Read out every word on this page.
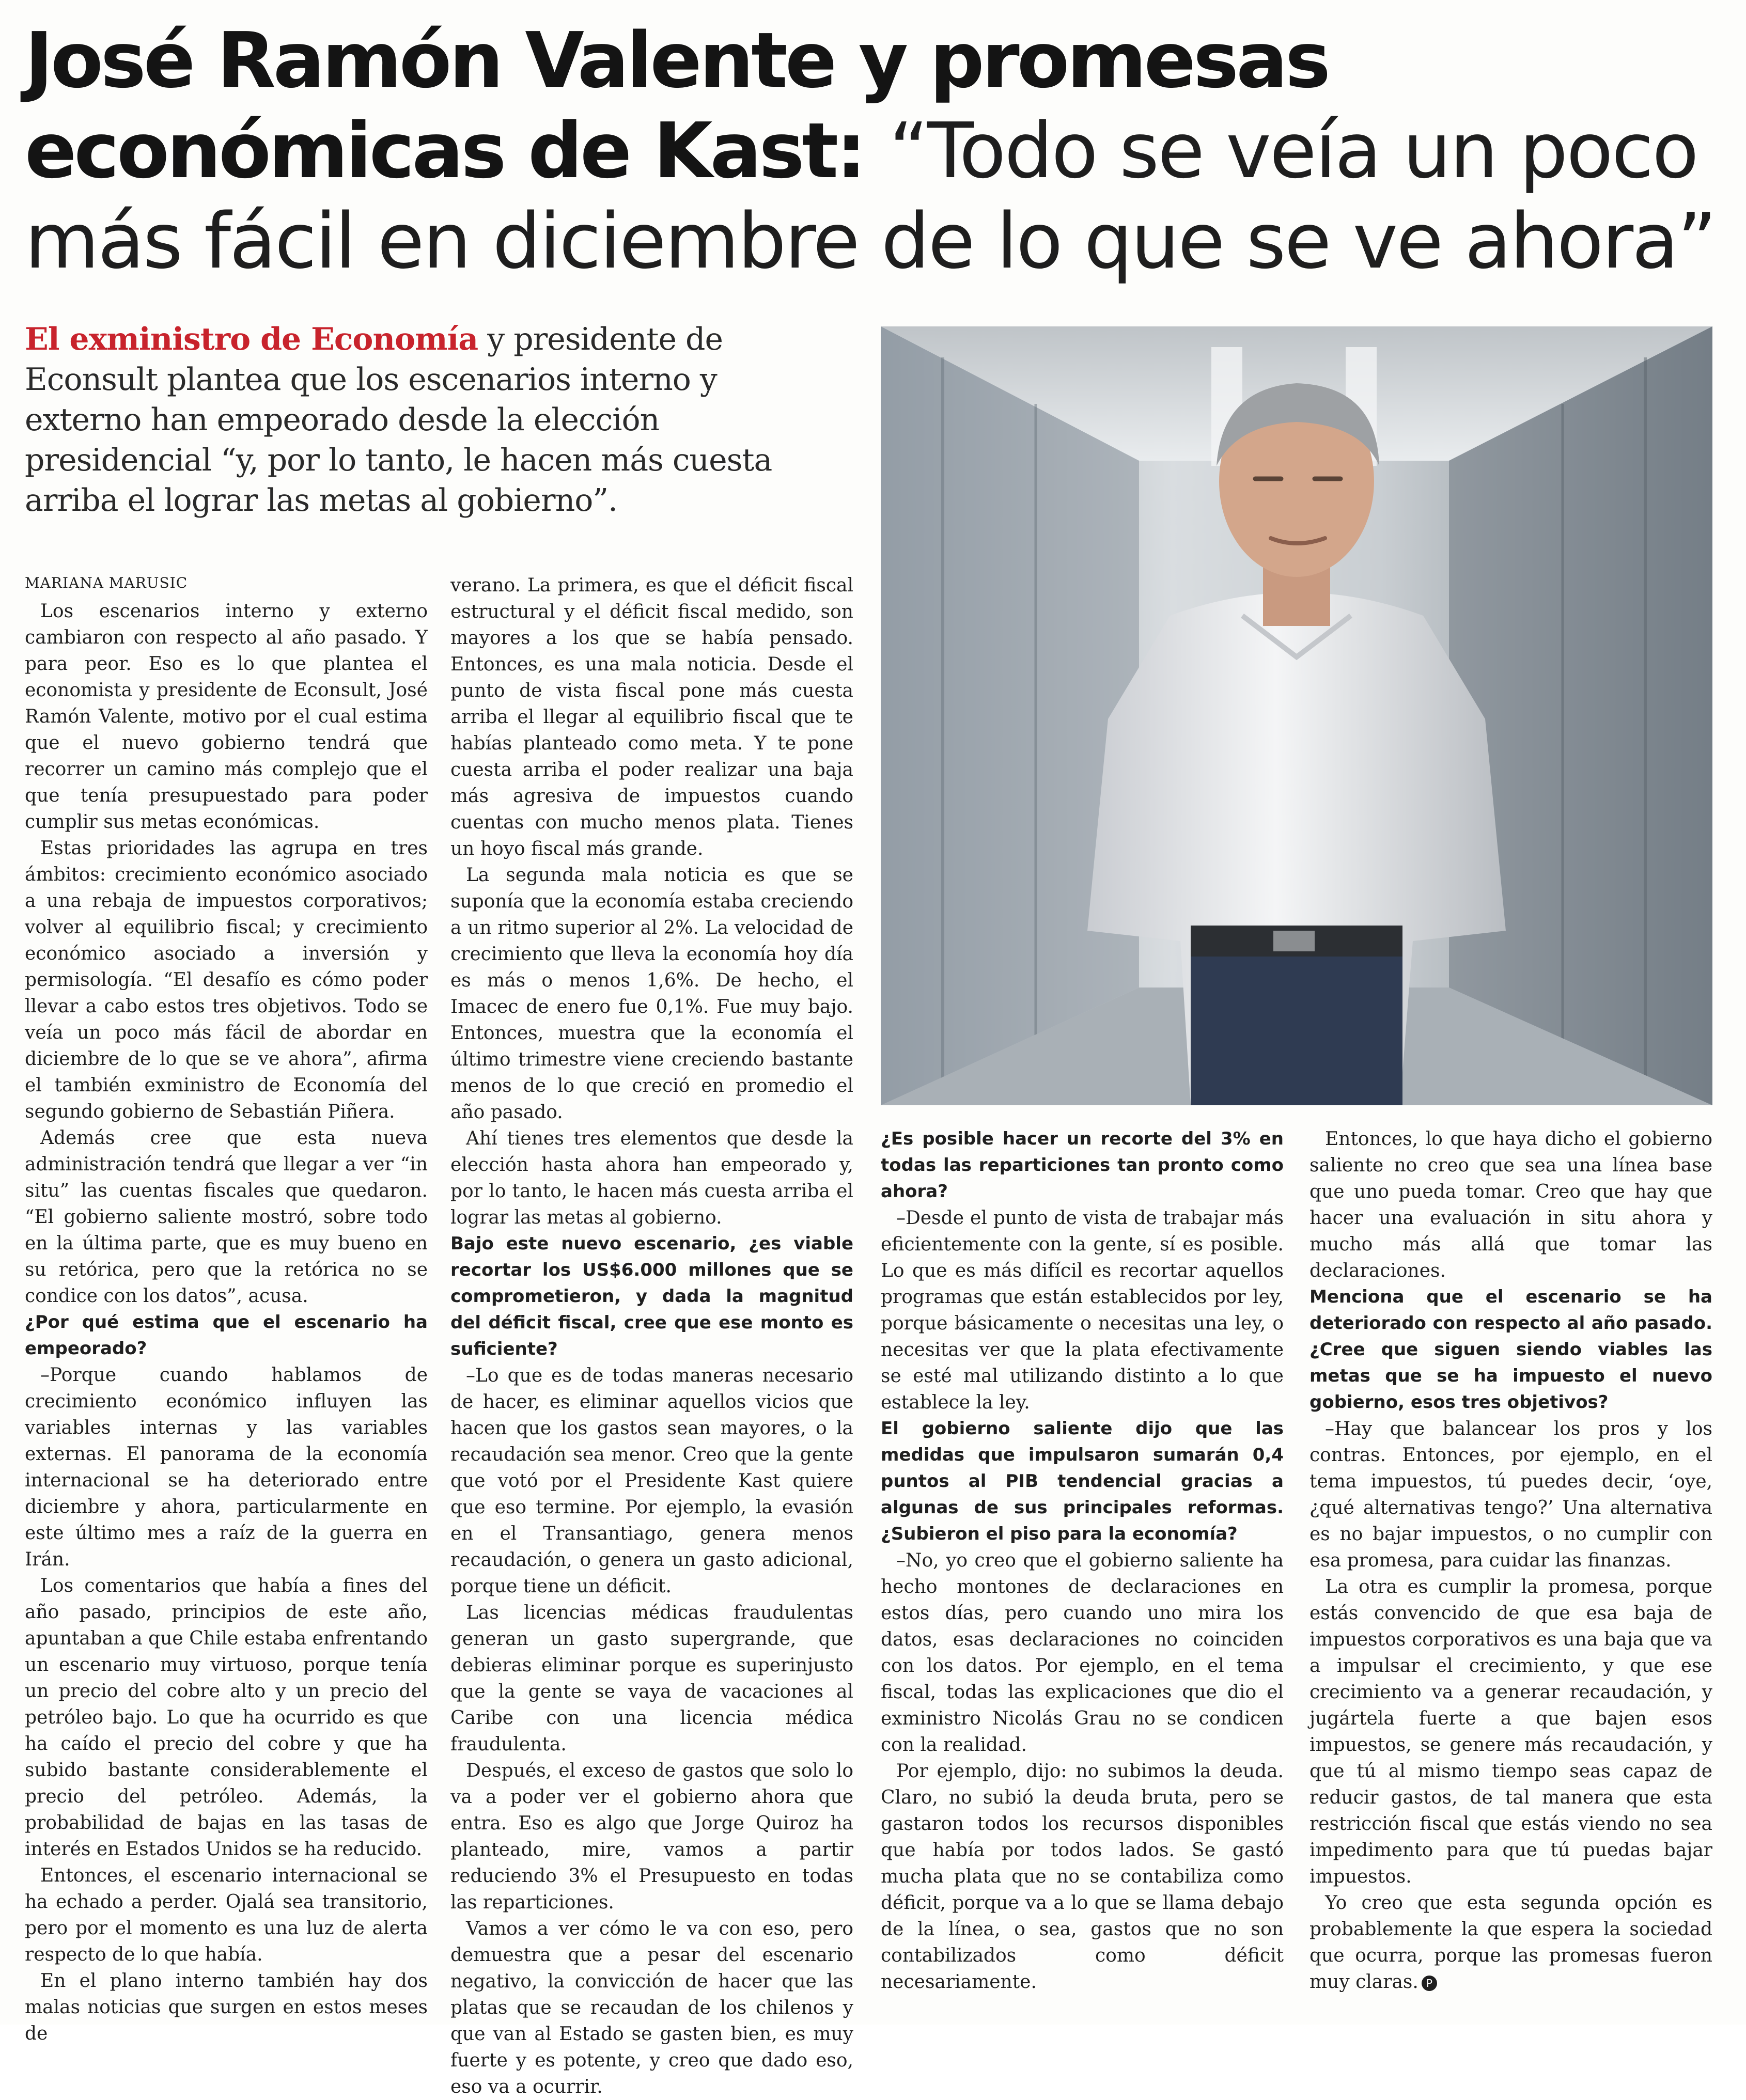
José Ramón Valente y promesas económicas de Kast: “Todo se veía un poco más fácil en diciembre de lo que se ve ahora”

El exministro de Economía y presidente de Econsult plantea que los escenarios interno y externo han empeorado desde la elección presidencial “y, por lo tanto, le hacen más cuesta arriba el lograr las metas al gobierno”.

MARIANA MARUSIC

Los escenarios interno y externo cambiaron con respecto al año pasado. Y para peor. Eso es lo que plantea el economista y presidente de Econsult, José Ramón Valente, motivo por el cual estima que el nuevo gobierno tendrá que recorrer un camino más complejo que el que tenía presupuestado para poder cumplir sus metas económicas.

Estas prioridades las agrupa en tres ámbitos: crecimiento económico asociado a una rebaja de impuestos corporativos; volver al equilibrio fiscal; y crecimiento económico asociado a inversión y permisología. “El desafío es cómo poder llevar a cabo estos tres objetivos. Todo se veía un poco más fácil de abordar en diciembre de lo que se ve ahora”, afirma el también exministro de Economía del segundo gobierno de Sebastián Piñera.

Además cree que esta nueva administración tendrá que llegar a ver “in situ” las cuentas fiscales que quedaron. “El gobierno saliente mostró, sobre todo en la última parte, que es muy bueno en su retórica, pero que la retórica no se condice con los datos”, acusa.

¿Por qué estima que el escenario ha empeorado?

–Porque cuando hablamos de crecimiento económico influyen las variables internas y las variables externas. El panorama de la economía internacional se ha deteriorado entre diciembre y ahora, particularmente en este último mes a raíz de la guerra en Irán.

Los comentarios que había a fines del año pasado, principios de este año, apuntaban a que Chile estaba enfrentando un escenario muy virtuoso, porque tenía un precio del cobre alto y un precio del petróleo bajo. Lo que ha ocurrido es que ha caído el precio del cobre y que ha subido bastante considerablemente el precio del petróleo. Además, la probabilidad de bajas en las tasas de interés en Estados Unidos se ha reducido.

Entonces, el escenario internacional se ha echado a perder. Ojalá sea transitorio, pero por el momento es una luz de alerta respecto de lo que había.

En el plano interno también hay dos malas noticias que surgen en estos meses de

verano. La primera, es que el déficit fiscal estructural y el déficit fiscal medido, son mayores a los que se había pensado. Entonces, es una mala noticia. Desde el punto de vista fiscal pone más cuesta arriba el llegar al equilibrio fiscal que te habías planteado como meta. Y te pone cuesta arriba el poder realizar una baja más agresiva de impuestos cuando cuentas con mucho menos plata. Tienes un hoyo fiscal más grande.

La segunda mala noticia es que se suponía que la economía estaba creciendo a un ritmo superior al 2%. La velocidad de crecimiento que lleva la economía hoy día es más o menos 1,6%. De hecho, el Imacec de enero fue 0,1%. Fue muy bajo. Entonces, muestra que la economía el último trimestre viene creciendo bastante menos de lo que creció en promedio el año pasado.

Ahí tienes tres elementos que desde la elección hasta ahora han empeorado y, por lo tanto, le hacen más cuesta arriba el lograr las metas al gobierno.

Bajo este nuevo escenario, ¿es viable recortar los US$6.000 millones que se comprometieron, y dada la magnitud del déficit fiscal, cree que ese monto es suficiente?

–Lo que es de todas maneras necesario de hacer, es eliminar aquellos vicios que hacen que los gastos sean mayores, o la recaudación sea menor. Creo que la gente que votó por el Presidente Kast quiere que eso termine. Por ejemplo, la evasión en el Transantiago, genera menos recaudación, o genera un gasto adicional, porque tiene un déficit.

Las licencias médicas fraudulentas generan un gasto supergrande, que debieras eliminar porque es superinjusto que la gente se vaya de vacaciones al Caribe con una licencia médica fraudulenta.

Después, el exceso de gastos que solo lo va a poder ver el gobierno ahora que entra. Eso es algo que Jorge Quiroz ha planteado, mire, vamos a partir reduciendo 3% el Presupuesto en todas las reparticiones.

Vamos a ver cómo le va con eso, pero demuestra que a pesar del escenario negativo, la convicción de hacer que las platas que se recaudan de los chilenos y que van al Estado se gasten bien, es muy fuerte y es potente, y creo que dado eso, eso va a ocurrir.

¿Es posible hacer un recorte del 3% en todas las reparticiones tan pronto como ahora?

–Desde el punto de vista de trabajar más eficientemente con la gente, sí es posible. Lo que es más difícil es recortar aquellos programas que están establecidos por ley, porque básicamente o necesitas una ley, o necesitas ver que la plata efectivamente se esté mal utilizando distinto a lo que establece la ley.

El gobierno saliente dijo que las medidas que impulsaron sumarán 0,4 puntos al PIB tendencial gracias a algunas de sus principales reformas. ¿Subieron el piso para la economía?

–No, yo creo que el gobierno saliente ha hecho montones de declaraciones en estos días, pero cuando uno mira los datos, esas declaraciones no coinciden con los datos. Por ejemplo, en el tema fiscal, todas las explicaciones que dio el exministro Nicolás Grau no se condicen con la realidad.

Por ejemplo, dijo: no subimos la deuda. Claro, no subió la deuda bruta, pero se gastaron todos los recursos disponibles que había por todos lados. Se gastó mucha plata que no se contabiliza como déficit, porque va a lo que se llama debajo de la línea, o sea, gastos que no son contabilizados como déficit necesariamente.

Entonces, lo que haya dicho el gobierno saliente no creo que sea una línea base que uno pueda tomar. Creo que hay que hacer una evaluación in situ ahora y mucho más allá que tomar las declaraciones.

Menciona que el escenario se ha deteriorado con respecto al año pasado. ¿Cree que siguen siendo viables las metas que se ha impuesto el nuevo gobierno, esos tres objetivos?

–Hay que balancear los pros y los contras. Entonces, por ejemplo, en el tema impuestos, tú puedes decir, ‘oye, ¿qué alternativas tengo?’ Una alternativa es no bajar impuestos, o no cumplir con esa promesa, para cuidar las finanzas.

La otra es cumplir la promesa, porque estás convencido de que esa baja de impuestos corporativos es una baja que va a impulsar el crecimiento, y que ese crecimiento va a generar recaudación, y jugártela fuerte a que bajen esos impuestos, se genere más recaudación, y que tú al mismo tiempo seas capaz de reducir gastos, de tal manera que esta restricción fiscal que estás viendo no sea impedimento para que tú puedas bajar impuestos.

Yo creo que esta segunda opción es probablemente la que espera la sociedad que ocurra, porque las promesas fueron muy claras. P
